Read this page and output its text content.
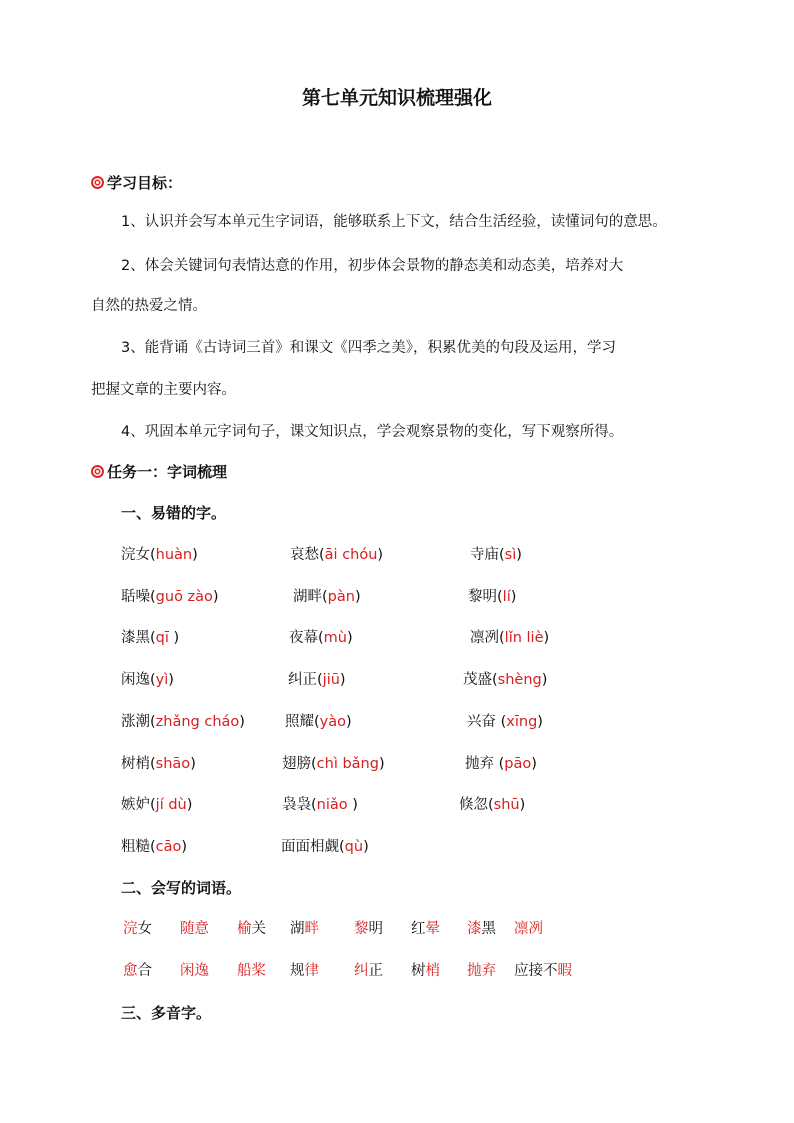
第七单元知识梳理强化
学习目标：
1、认识并会写本单元生字词语，能够联系上下文，结合生活经验，读懂词句的意思。
2、体会关键词句表情达意的作用，初步体会景物的静态美和动态美，培养对大
自然的热爱之情。
3、能背诵《古诗词三首》和课文《四季之美》，积累优美的句段及运用，学习
把握文章的主要内容。
4、巩固本单元字词句子，课文知识点，学会观察景物的变化，写下观察所得。
任务一：字词梳理
一、易错的字。
浣女(huàn)	哀愁(āi chóu)	寺庙(sì)
聒噪(guō zào)	湖畔(pàn)	黎明(lí)
漆黑(qī )	夜幕(mù)	凛冽(lǐn liè)
闲逸(yì)	纠正(jiū)	茂盛(shèng)
涨潮(zhǎng cháo)	照耀(yào)	兴奋 (xīng)
树梢(shāo)	翅膀(chì bǎng)	抛弃 (pāo)
嫉妒(jí dù)	袅袅(niǎo )	倏忽(shū)
粗糙(cāo)	面面相觑(qù)
二、会写的词语。
浣女 随意 榆关 湖畔 黎明 红晕 漆黑 凛冽
愈合 闲逸 船桨 规律 纠正 树梢 抛弃 应接不暇
三、多音字。
